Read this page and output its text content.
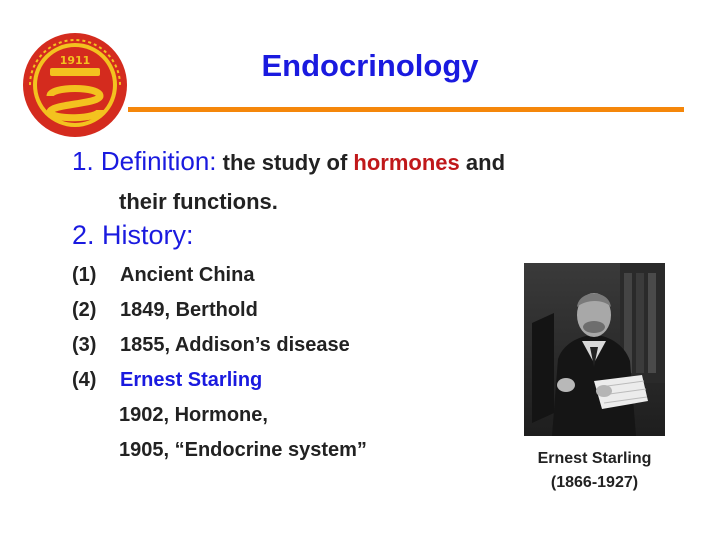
1911	Endocrinology
1. Definition: the study of hormones and
their functions.
2. History:
(1) Ancient China
(2) 1849, Berthold
(3) 1855, Addison’s disease
(4) Ernest Starling
1902, Hormone,
1905, “Endocrine system”	Ernest Starling
(1866-1927)
